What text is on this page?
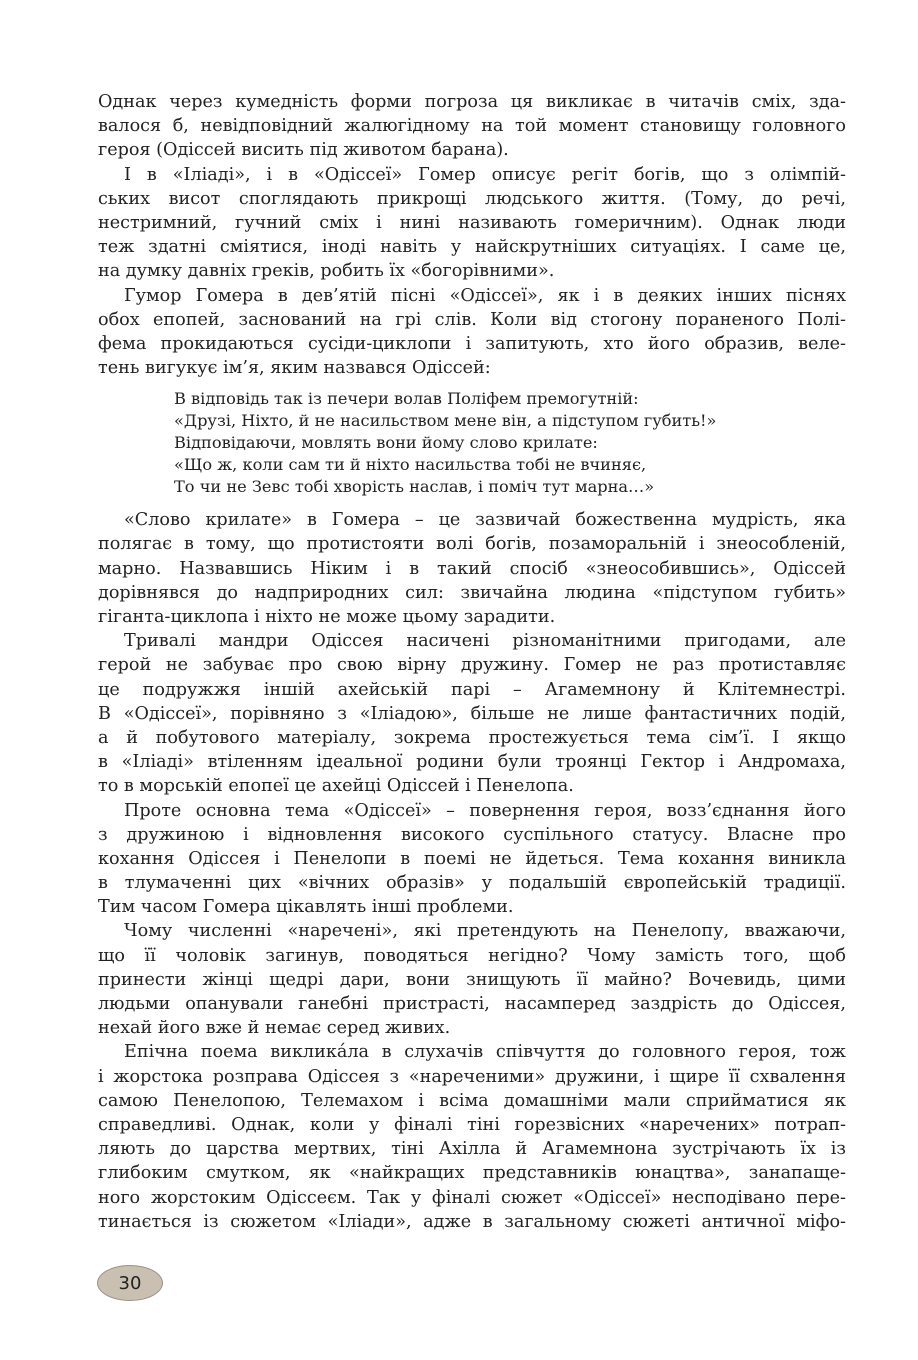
Однак через кумедність форми погроза ця викликає в читачів сміх, зда-
валося б, невідповідний жалюгідному на той момент становищу головного
героя (Одіссей висить під животом барана).
І в «Іліаді», і в «Одіссеї» Гомер описує регіт богів, що з олімпій-
ських висот споглядають прикрощі людського життя. (Тому, до речі,
нестримний, гучний сміх і нині називають гомеричним). Однак люди
теж здатні сміятися, іноді навіть у найскрутніших ситуаціях. І саме це,
на думку давніх греків, робить їх «богорівними».
Гумор Гомера в дев’ятій пісні «Одіссеї», як і в деяких інших піснях
обох епопей, заснований на грі слів. Коли від стогону пораненого Полі-
фема прокидаються сусіди-циклопи і запитують, хто його образив, веле-
тень вигукує ім’я, яким назвався Одіссей:
В відповідь так із печери волав Поліфем премогутній:
«Друзі, Ніхто, й не насильством мене він, а підступом губить!»
Відповідаючи, мовлять вони йому слово крилате:
«Що ж, коли сам ти й ніхто насильства тобі не вчиняє,
То чи не Зевс тобі хворість наслав, і поміч тут марна…»
«Слово крилате» в Гомера – це зазвичай божественна мудрість, яка
полягає в тому, що протистояти волі богів, позаморальній і знеособленій,
марно. Назвавшись Ніким і в такий спосіб «знеособившись», Одіссей
дорівнявся до надприродних сил: звичайна людина «підступом губить»
гіганта-циклопа і ніхто не може цьому зарадити.
Тривалі мандри Одіссея насичені різноманітними пригодами, але
герой не забуває про свою вірну дружину. Гомер не раз протиставляє
це подружжя іншій ахейській парі – Агамемнону й Клітемнестрі.
В «Одіссеї», порівняно з «Іліадою», більше не лише фантастичних подій,
а й побутового матеріалу, зокрема простежується тема сім’ї. І якщо
в «Іліаді» втіленням ідеальної родини були троянці Гектор і Андромаха,
то в морській епопеї це ахейці Одіссей і Пенелопа.
Проте основна тема «Одіссеї» – повернення героя, возз’єднання його
з дружиною і відновлення високого суспільного статусу. Власне про
кохання Одіссея і Пенелопи в поемі не йдеться. Тема кохання виникла
в тлумаченні цих «вічних образів» у подальшій європейській традиції.
Тим часом Гомера цікавлять інші проблеми.
Чому численні «наречені», які претендують на Пенелопу, вважаючи,
що її чоловік загинув, поводяться негідно? Чому замість того, щоб
принести жінці щедрі дари, вони знищують її майно? Вочевидь, цими
людьми опанували ганебні пристрасті, насамперед заздрість до Одіссея,
нехай його вже й немає серед живих.
Епічна поема викликáла в слухачів співчуття до головного героя, тож
і жорстока розправа Одіссея з «нареченими» дружини, і щире її схвалення
самою Пенелопою, Телемахом і всіма домашніми мали сприйматися як
справедливі. Однак, коли у фіналі тіні горезвісних «наречених» потрап-
ляють до царства мертвих, тіні Ахілла й Агамемнона зустрічають їх із
глибоким смутком, як «найкращих представників юнацтва», занапаще-
ного жорстоким Одіссеєм. Так у фіналі сюжет «Одіссеї» несподівано пере-
тинається із сюжетом «Іліади», адже в загальному сюжеті античної міфо-
30
